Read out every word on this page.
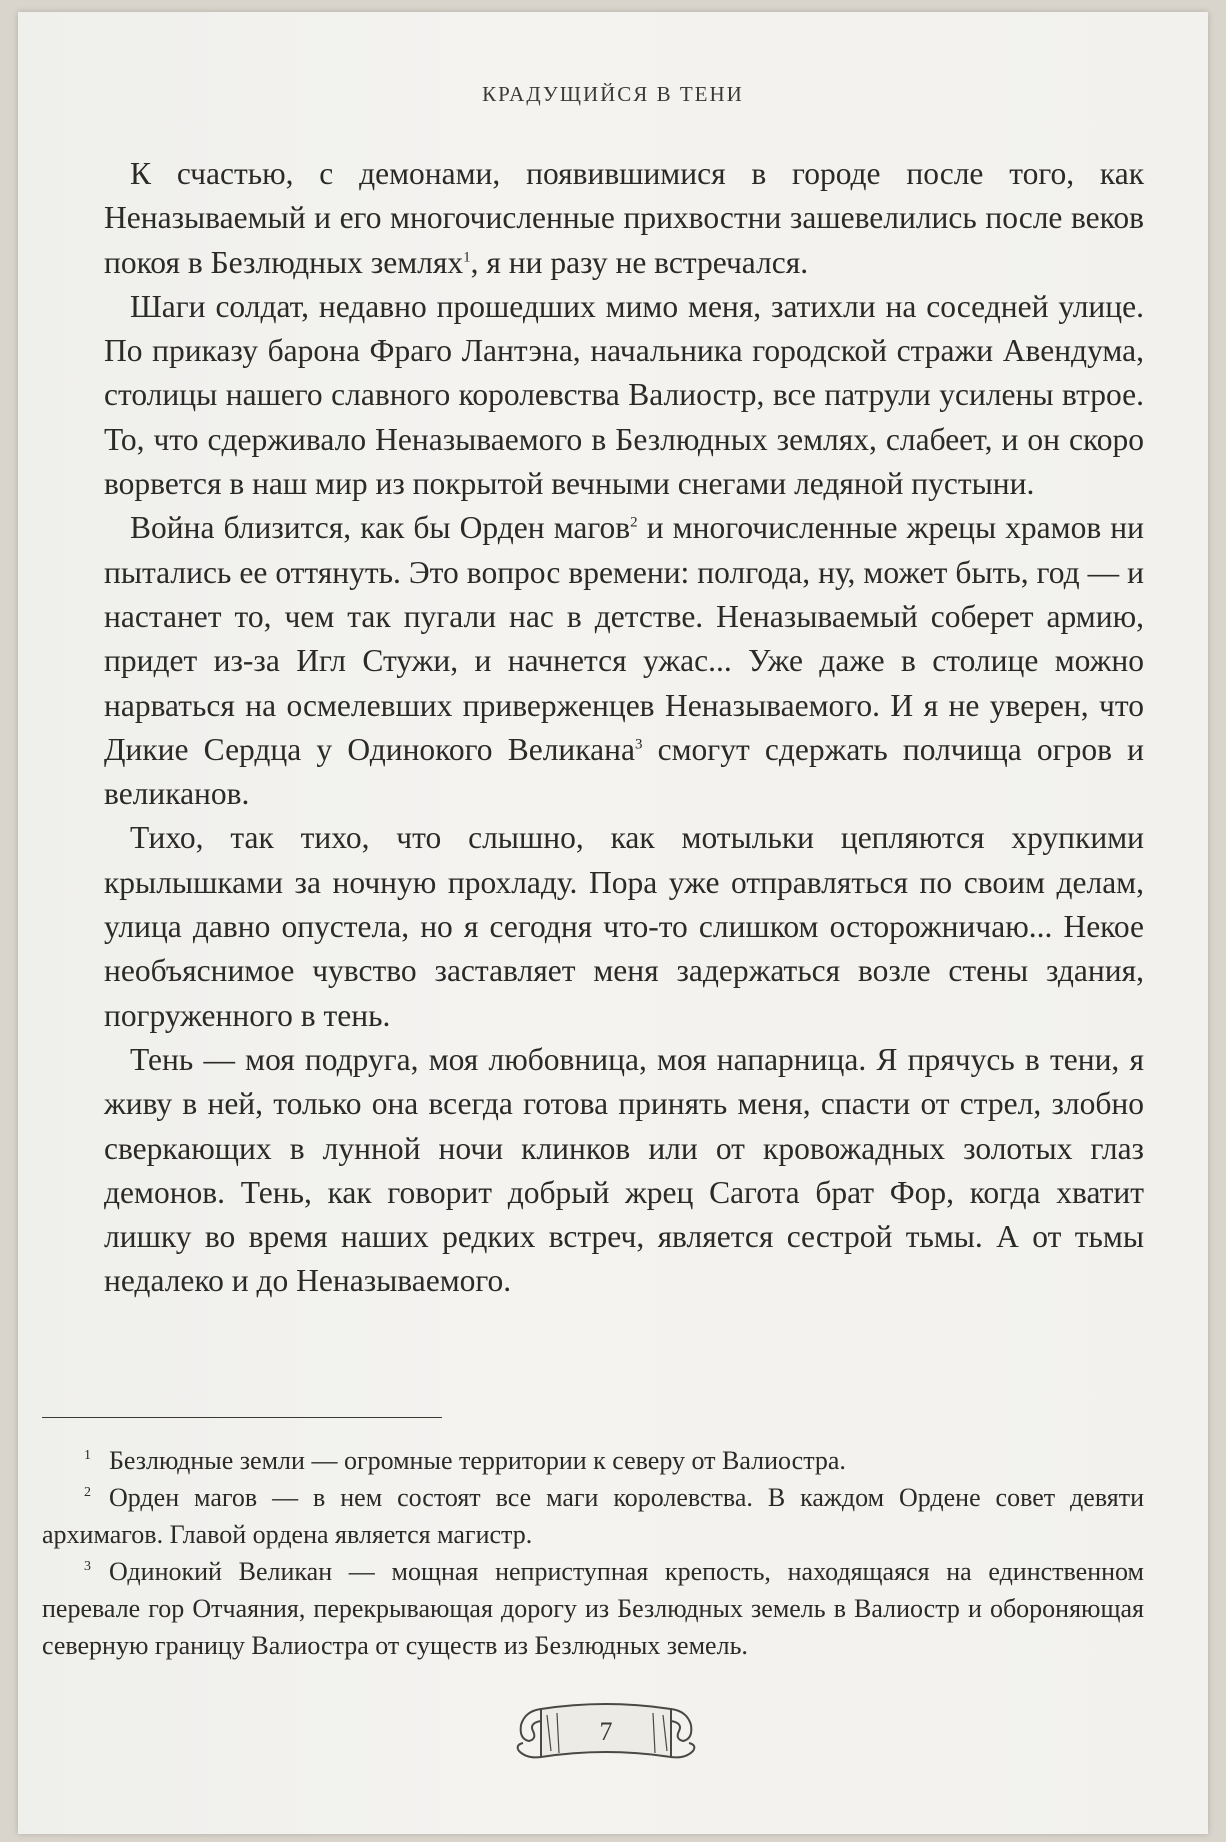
КРАДУЩИЙСЯ В ТЕНИ

К счастью, с демонами, появившимися в городе после того, как Неназываемый и его многочисленные прихвостни зашевелились после веков покоя в Безлюдных землях$^1$, я ни разу не встречался.

Шаги солдат, недавно прошедших мимо меня, затихли на соседней улице. По приказу барона Фраго Лантэна, начальника городской стражи Авендума, столицы нашего славного королевства Валиостр, все патрули усилены втрое. То, что сдерживало Неназываемого в Безлюдных землях, слабеет, и он скоро ворвется в наш мир из покрытой вечными снегами ледяной пустыни.

Война близится, как бы Орден магов$^2$ и многочисленные жрецы храмов ни пытались ее оттянуть. Это вопрос времени: полгода, ну, может быть, год — и настанет то, чем так пугали нас в детстве. Неназываемый соберет армию, придет из-за Игл Стужи, и начнется ужас... Уже даже в столице можно нарваться на осмелевших приверженцев Неназываемого. И я не уверен, что Дикие Сердца у Одинокого Великана$^3$ смогут сдержать полчища огров и великанов.

Тихо, так тихо, что слышно, как мотыльки цепляются хрупкими крылышками за ночную прохладу. Пора уже отправляться по своим делам, улица давно опустела, но я сегодня что-то слишком осторожничаю... Некое необъяснимое чувство заставляет меня задержаться возле стены здания, погруженного в тень.

Тень — моя подруга, моя любовница, моя напарница. Я прячусь в тени, я живу в ней, только она всегда готова принять меня, спасти от стрел, злобно сверкающих в лунной ночи клинков или от кровожадных золотых глаз демонов. Тень, как говорит добрый жрец Сагота брат Фор, когда хватит лишку во время наших редких встреч, является сестрой тьмы. А от тьмы недалеко и до Неназываемого.

$^1$ Безлюдные земли — огромные территории к северу от Валиостра.

$^2$ Орден магов — в нем состоят все маги королевства. В каждом Ордене совет девяти архимагов. Главой ордена является магистр.

$^3$ Одинокий Великан — мощная неприступная крепость, находящаяся на единственном перевале гор Отчаяния, перекрывающая дорогу из Безлюдных земель в Валиостр и обороняющая северную границу Валиостра от существ из Безлюдных земель.

7
